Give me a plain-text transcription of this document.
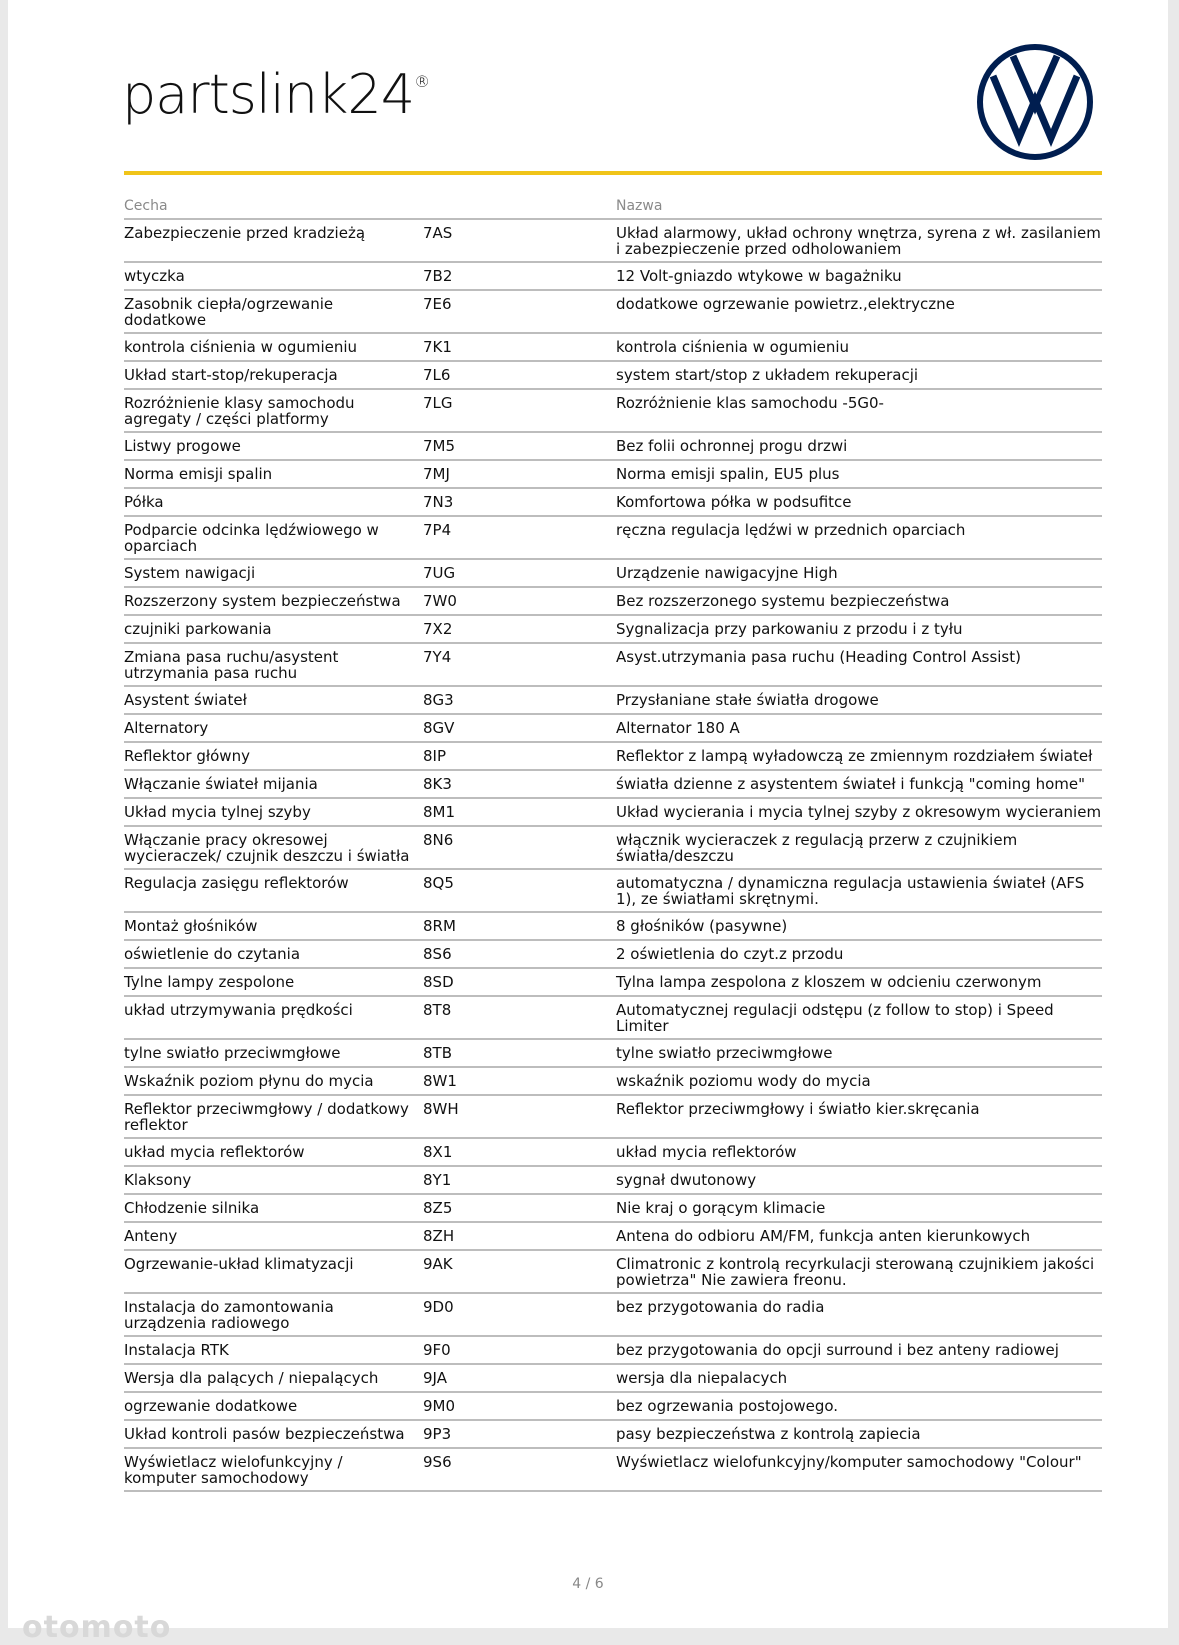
partslink24®
Cecha		Nazwa
Zabezpieczenie przed kradzieżą	7AS	Układ alarmowy, układ ochrony wnętrza, syrena z wł. zasilaniem i zabezpieczenie przed odholowaniem
wtyczka	7B2	12 Volt-gniazdo wtykowe w bagażniku
Zasobnik ciepła/ogrzewanie dodatkowe	7E6	dodatkowe ogrzewanie powietrz.,elektryczne
kontrola ciśnienia w ogumieniu	7K1	kontrola ciśnienia w ogumieniu
Układ start-stop/rekuperacja	7L6	system start/stop z układem rekuperacji
Rozróżnienie klasy samochodu agregaty / części platformy	7LG	Rozróżnienie klas samochodu -5G0-
Listwy progowe	7M5	Bez folii ochronnej progu drzwi
Norma emisji spalin	7MJ	Norma emisji spalin, EU5 plus
Półka	7N3	Komfortowa półka w podsufitce
Podparcie odcinka lędźwiowego w oparciach	7P4	ręczna regulacja lędźwi w przednich oparciach
System nawigacji	7UG	Urządzenie nawigacyjne High
Rozszerzony system bezpieczeństwa	7W0	Bez rozszerzonego systemu bezpieczeństwa
czujniki parkowania	7X2	Sygnalizacja przy parkowaniu z przodu i z tyłu
Zmiana pasa ruchu/asystent utrzymania pasa ruchu	7Y4	Asyst.utrzymania pasa ruchu (Heading Control Assist)
Asystent świateł	8G3	Przysłaniane stałe światła drogowe
Alternatory	8GV	Alternator 180 A
Reflektor główny	8IP	Reflektor z lampą wyładowczą ze zmiennym rozdziałem świateł
Włączanie świateł mijania	8K3	światła dzienne z asystentem świateł i funkcją "coming home"
Układ mycia tylnej szyby	8M1	Układ wycierania i mycia tylnej szyby z okresowym wycieraniem
Włączanie pracy okresowej wycieraczek/ czujnik deszczu i światła	8N6	włącznik wycieraczek z regulacją przerw z czujnikiem światła/deszczu
Regulacja zasięgu reflektorów	8Q5	automatyczna / dynamiczna regulacja ustawienia świateł (AFS 1), ze światłami skrętnymi.
Montaż głośników	8RM	8 głośników (pasywne)
oświetlenie do czytania	8S6	2 oświetlenia do czyt.z przodu
Tylne lampy zespolone	8SD	Tylna lampa zespolona z kloszem w odcieniu czerwonym
układ utrzymywania prędkości	8T8	Automatycznej regulacji odstępu (z follow to stop) i Speed Limiter
tylne swiatło przeciwmgłowe	8TB	tylne swiatło przeciwmgłowe
Wskaźnik poziom płynu do mycia	8W1	wskaźnik poziomu wody do mycia
Reflektor przeciwmgłowy / dodatkowy reflektor	8WH	Reflektor przeciwmgłowy i światło kier.skręcania
układ mycia reflektorów	8X1	układ mycia reflektorów
Klaksony	8Y1	sygnał dwutonowy
Chłodzenie silnika	8Z5	Nie kraj o gorącym klimacie
Anteny	8ZH	Antena do odbioru AM/FM, funkcja anten kierunkowych
Ogrzewanie-układ klimatyzacji	9AK	Climatronic z kontrolą recyrkulacji sterowaną czujnikiem jakości powietrza" Nie zawiera freonu.
Instalacja do zamontowania urządzenia radiowego	9D0	bez przygotowania do radia
Instalacja RTK	9F0	bez przygotowania do opcji surround i bez anteny radiowej
Wersja dla palących / niepalących	9JA	wersja dla niepalacych
ogrzewanie dodatkowe	9M0	bez ogrzewania postojowego.
Układ kontroli pasów bezpieczeństwa	9P3	pasy bezpieczeństwa z kontrolą zapiecia
Wyświetlacz wielofunkcyjny / komputer samochodowy	9S6	Wyświetlacz wielofunkcyjny/komputer samochodowy "Colour"
4 / 6
otomoto
